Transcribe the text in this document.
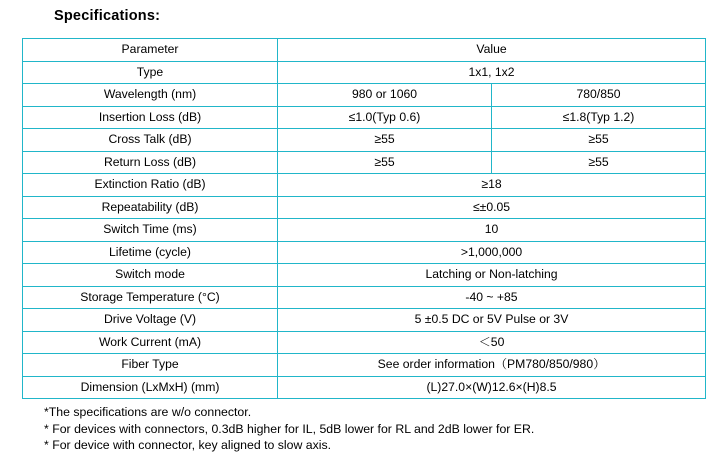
Specifications:
Parameter	Value	
Type	1x1, 1x2	
Wavelength (nm)	980 or 1060	780/850
Insertion Loss (dB)	≤1.0(Typ 0.6)	≤1.8(Typ 1.2)
Cross Talk (dB)	≥55	≥55
Return Loss (dB)	≥55	≥55
Extinction Ratio (dB)	≥18	
Repeatability (dB)	≤±0.05	
Switch Time (ms)	10	
Lifetime (cycle)	>1,000,000	
Switch mode	Latching or Non-latching	
Storage Temperature (°C)	-40 ~ +85	
Drive Voltage (V)	5 ±0.5 DC or 5V Pulse or 3V	
Work Current (mA)	＜50	
Fiber Type	See order information（PM780/850/980）	
Dimension (LxMxH) (mm)	(L)27.0×(W)12.6×(H)8.5	
*The specifications are w/o connector.
* For devices with connectors, 0.3dB higher for IL, 5dB lower for RL and 2dB lower for ER.
* For device with connector, key aligned to slow axis.
